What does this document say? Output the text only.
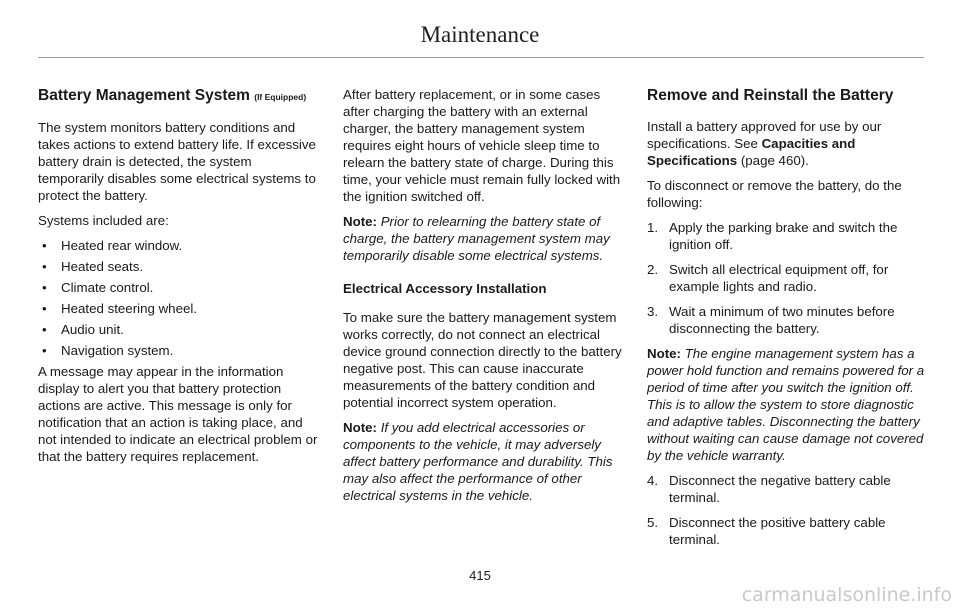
Maintenance
Battery Management System (If Equipped)

The system monitors battery conditions and takes actions to extend battery life. If excessive battery drain is detected, the system temporarily disables some electrical systems to protect the battery.

Systems included are:

• Heated rear window.
• Heated seats.
• Climate control.
• Heated steering wheel.
• Audio unit.
• Navigation system.

A message may appear in the information display to alert you that battery protection actions are active. This message is only for notification that an action is taking place, and not intended to indicate an electrical problem or that the battery requires replacement.

After battery replacement, or in some cases after charging the battery with an external charger, the battery management system requires eight hours of vehicle sleep time to relearn the battery state of charge. During this time, your vehicle must remain fully locked with the ignition switched off.

Note: Prior to relearning the battery state of charge, the battery management system may temporarily disable some electrical systems.

Electrical Accessory Installation

To make sure the battery management system works correctly, do not connect an electrical device ground connection directly to the battery negative post. This can cause inaccurate measurements of the battery condition and potential incorrect system operation.

Note: If you add electrical accessories or components to the vehicle, it may adversely affect battery performance and durability. This may also affect the performance of other electrical systems in the vehicle.

Remove and Reinstall the Battery

Install a battery approved for use by our specifications. See Capacities and Specifications (page 460).

To disconnect or remove the battery, do the following:

1. Apply the parking brake and switch the ignition off.
2. Switch all electrical equipment off, for example lights and radio.
3. Wait a minimum of two minutes before disconnecting the battery.

Note: The engine management system has a power hold function and remains powered for a period of time after you switch the ignition off. This is to allow the system to store diagnostic and adaptive tables. Disconnecting the battery without waiting can cause damage not covered by the vehicle warranty.

4. Disconnect the negative battery cable terminal.
5. Disconnect the positive battery cable terminal.
415
carmanualsonline.info
